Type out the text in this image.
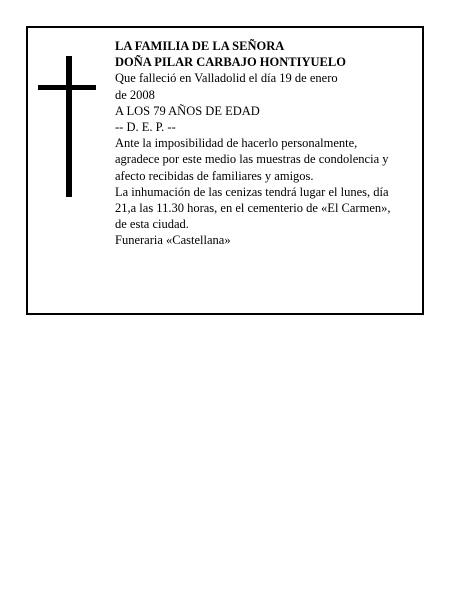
LA FAMILIA DE LA SEÑORA
DOÑA PILAR CARBAJO HONTIYUELO
Que falleció en Valladolid el día 19 de enero
de 2008
A LOS 79 AÑOS DE EDAD
-- D. E. P. --
Ante la imposibilidad de hacerlo personalmente,
agradece por este medio las muestras de condolencia y
afecto recibidas de familiares y amigos.
La inhumación de las cenizas tendrá lugar el lunes, día
21,a las 11.30 horas, en el cementerio de «El Carmen»,
de esta ciudad.
Funeraria «Castellana»
